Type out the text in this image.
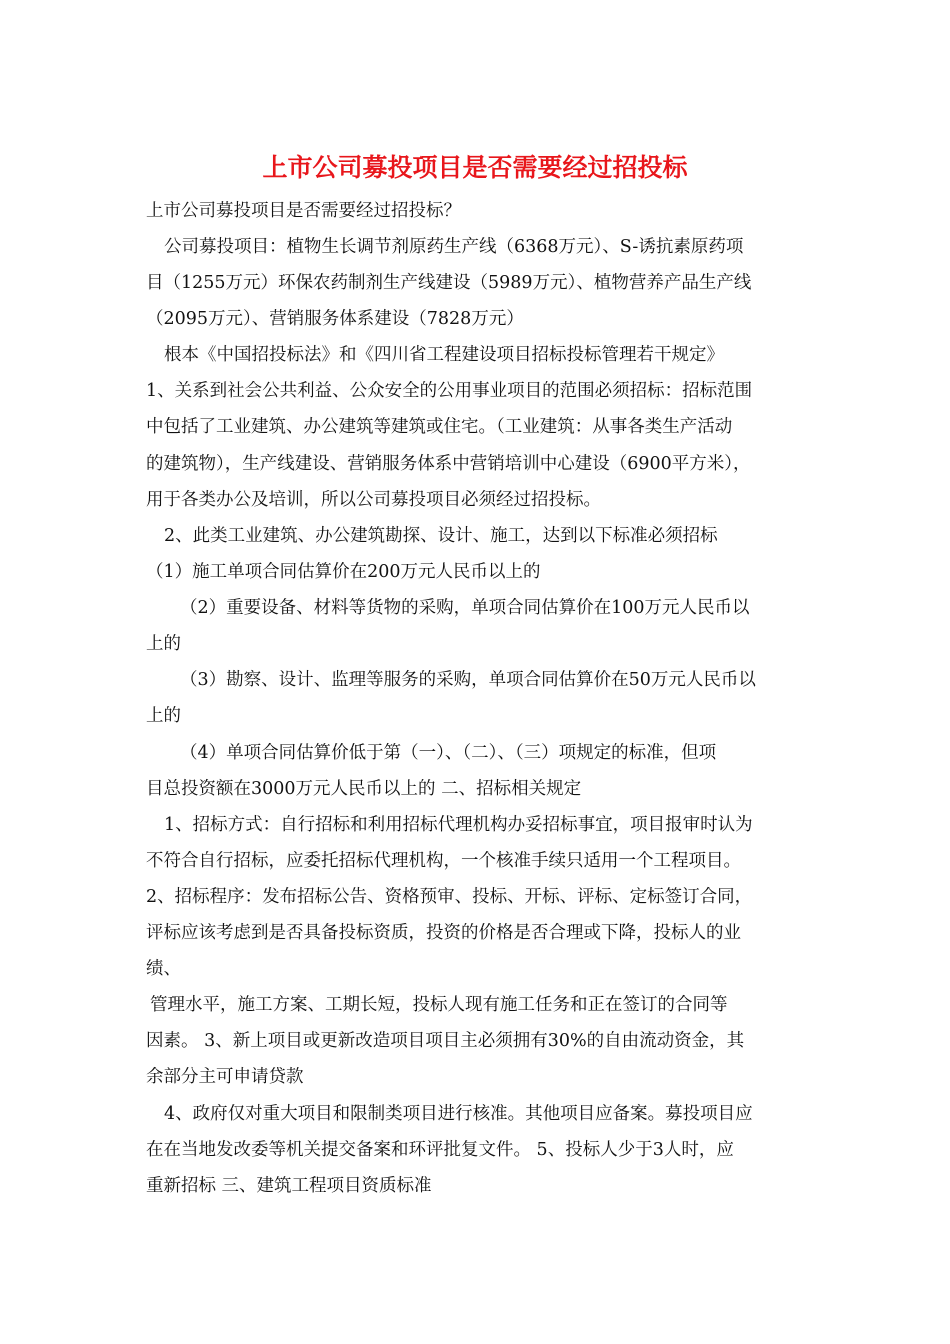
上市公司募投项目是否需要经过招投标

上市公司募投项目是否需要经过招投标？

公司募投项目：植物生长调节剂原药生产线（6368万元）、S-诱抗素原药项

目（1255万元）环保农药制剂生产线建设（5989万元）、植物营养产品生产线

（2095万元）、营销服务体系建设（7828万元）

根本《中国招投标法》和《四川省工程建设项目招标投标管理若干规定》

1、关系到社会公共利益、公众安全的公用事业项目的范围必须招标：招标范围

中包括了工业建筑、办公建筑等建筑或住宅。（工业建筑：从事各类生产活动

的建筑物），生产线建设、营销服务体系中营销培训中心建设（6900平方米），

用于各类办公及培训，所以公司募投项目必须经过招投标。

2、此类工业建筑、办公建筑勘探、设计、施工，达到以下标准必须招标

（1）施工单项合同估算价在200万元人民币以上的

（2）重要设备、材料等货物的采购，单项合同估算价在100万元人民币以

上的

（3）勘察、设计、监理等服务的采购，单项合同估算价在50万元人民币以

上的

（4）单项合同估算价低于第（一）、（二）、（三）项规定的标准，但项

目总投资额在3000万元人民币以上的 二、招标相关规定

1、招标方式：自行招标和利用招标代理机构办妥招标事宜，项目报审时认为

不符合自行招标，应委托招标代理机构，一个核准手续只适用一个工程项目。

2、招标程序：发布招标公告、资格预审、投标、开标、评标、定标签订合同，

评标应该考虑到是否具备投标资质，投资的价格是否合理或下降，投标人的业

绩、

管理水平，施工方案、工期长短，投标人现有施工任务和正在签订的合同等

因素。 3、新上项目或更新改造项目项目主必须拥有30%的自由流动资金，其

余部分主可申请贷款

4、政府仅对重大项目和限制类项目进行核准。其他项目应备案。募投项目应

在在当地发改委等机关提交备案和环评批复文件。 5、投标人少于3人时，应

重新招标 三、建筑工程项目资质标准
